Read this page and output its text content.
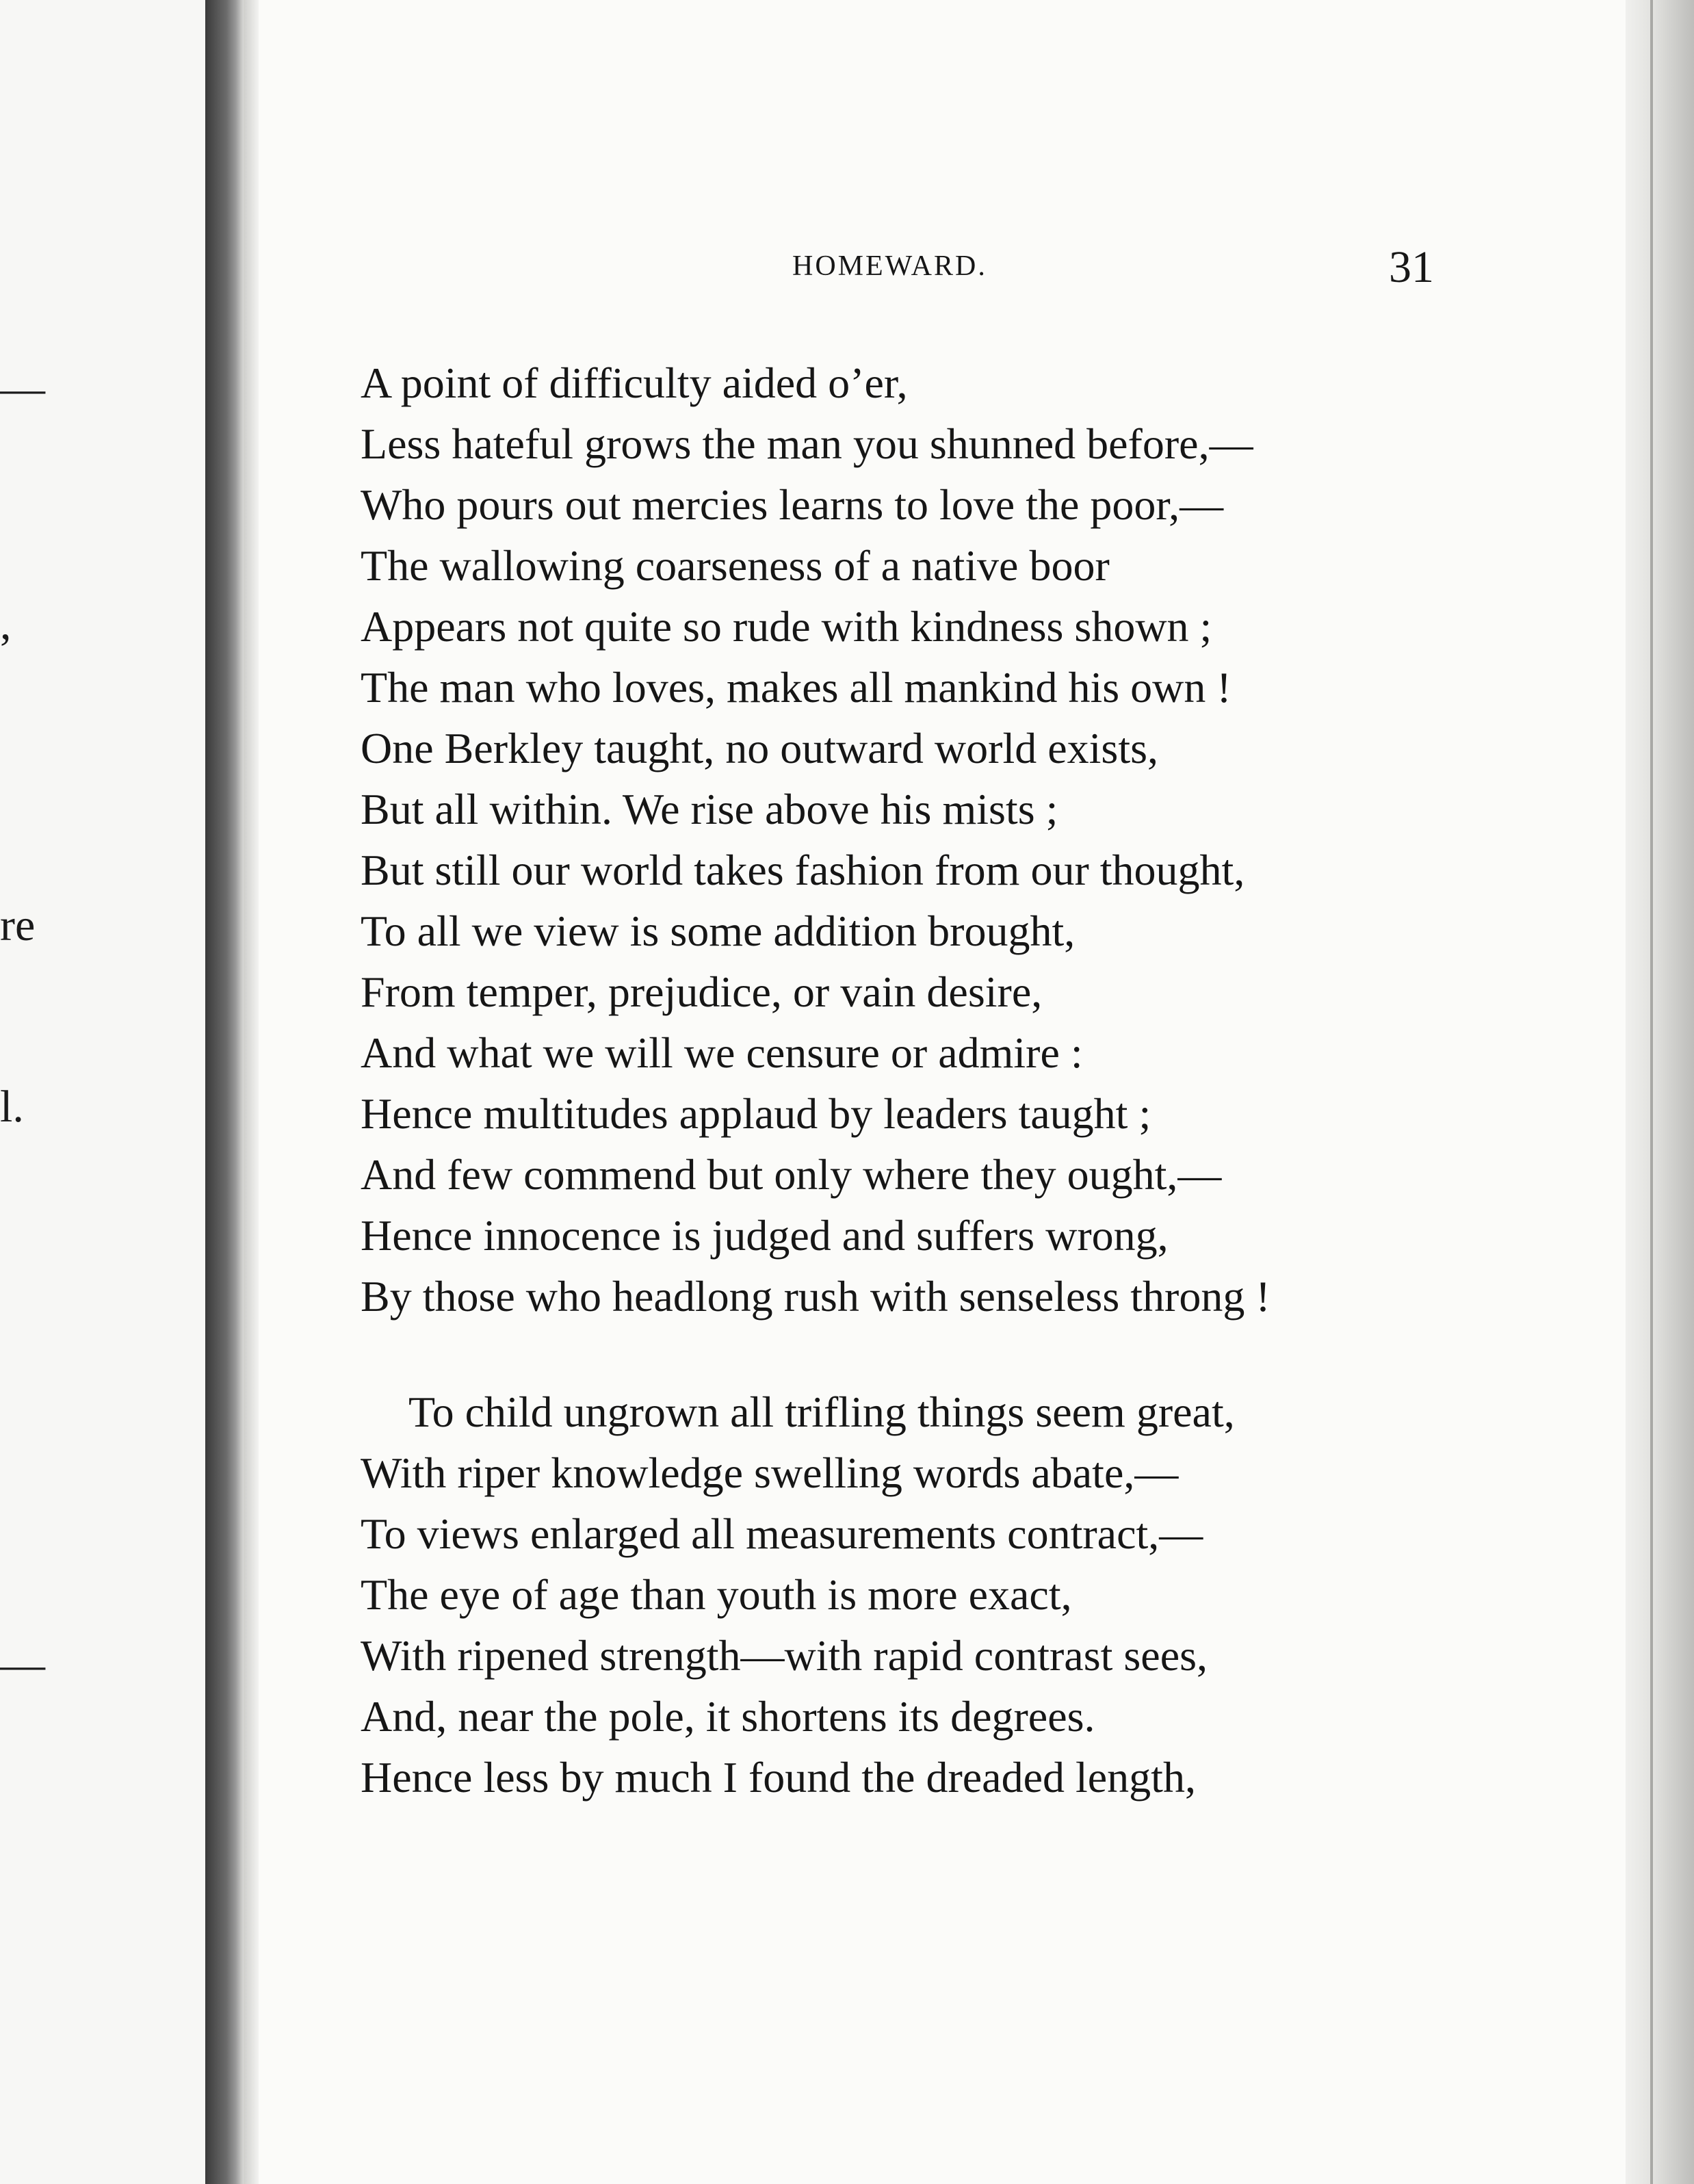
—
,
re
l.
—
HOMEWARD.	31
A point of difficulty aided o’er,
Less hateful grows the man you shunned before,—
Who pours out mercies learns to love the poor,—
The wallowing coarseness of a native boor
Appears not quite so rude with kindness shown ;
The man who loves, makes all mankind his own !
One Berkley taught, no outward world exists,
But all within. We rise above his mists ;
But still our world takes fashion from our thought,
To all we view is some addition brought,
From temper, prejudice, or vain desire,
And what we will we censure or admire :
Hence multitudes applaud by leaders taught ;
And few commend but only where they ought,—
Hence innocence is judged and suffers wrong,
By those who headlong rush with senseless throng !
To child ungrown all trifling things seem great,
With riper knowledge swelling words abate,—
To views enlarged all measurements contract,—
The eye of age than youth is more exact,
With ripened strength—with rapid contrast sees,
And, near the pole, it shortens its degrees.
Hence less by much I found the dreaded length,
